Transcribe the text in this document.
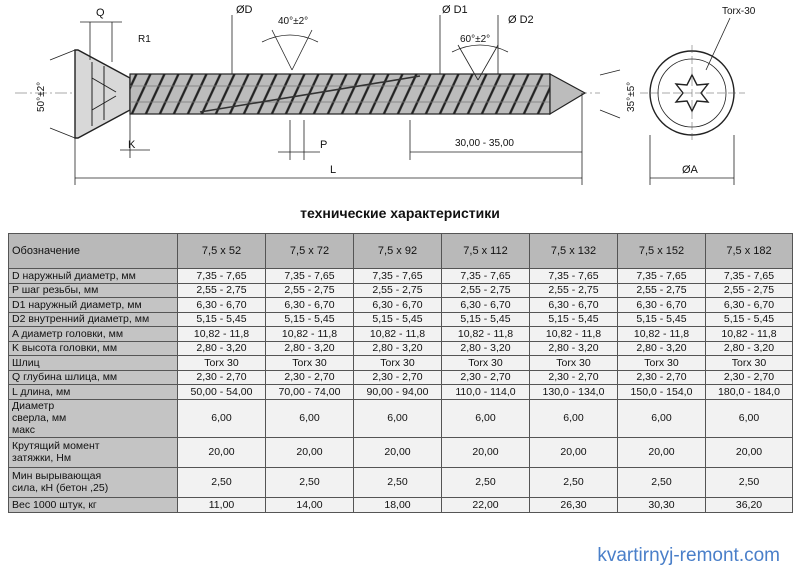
Q	ØD
40°±2°
Ø D1
Ø D2
60°±2°
Torx-30
R1
50°±2°	35°±5°
K	P	30,00 - 35,00
L	ØA
технические характеристики
Обозначение	7,5 x 52	7,5 x 72	7,5 x 92	7,5 x 112	7,5 x 132	7,5 x 152	7,5 x 182
D наружный диаметр, мм	7,35 - 7,65	7,35 - 7,65	7,35 - 7,65	7,35 - 7,65	7,35 - 7,65	7,35 - 7,65	7,35 - 7,65
P шаг резьбы, мм	2,55 - 2,75	2,55 - 2,75	2,55 - 2,75	2,55 - 2,75	2,55 - 2,75	2,55 - 2,75	2,55 - 2,75
D1 наружный диаметр, мм	6,30 - 6,70	6,30 - 6,70	6,30 - 6,70	6,30 - 6,70	6,30 - 6,70	6,30 - 6,70	6,30 - 6,70
D2 внутренний диаметр, мм	5,15 - 5,45	5,15 - 5,45	5,15 - 5,45	5,15 - 5,45	5,15 - 5,45	5,15 - 5,45	5,15 - 5,45
A диаметр головки, мм	10,82 - 11,8	10,82 - 11,8	10,82 - 11,8	10,82 - 11,8	10,82 - 11,8	10,82 - 11,8	10,82 - 11,8
K высота головки, мм	2,80 - 3,20	2,80 - 3,20	2,80 - 3,20	2,80 - 3,20	2,80 - 3,20	2,80 - 3,20	2,80 - 3,20
Шлиц	Torx 30	Torx 30	Torx 30	Torx 30	Torx 30	Torx 30	Torx 30
Q глубина шлица, мм	2,30 - 2,70	2,30 - 2,70	2,30 - 2,70	2,30 - 2,70	2,30 - 2,70	2,30 - 2,70	2,30 - 2,70
L длина, мм	50,00 - 54,00	70,00 - 74,00	90,00 - 94,00	110,0 - 114,0	130,0 - 134,0	150,0 - 154,0	180,0 - 184,0

Диаметр
сверла, мм
макс	6,00	6,00	6,00	6,00	6,00	6,00	6,00

Крутящий момент
затяжки, Нм	20,00	20,00	20,00	20,00	20,00	20,00	20,00

Мин вырывающая
сила, кН (бетон ,25)	2,50	2,50	2,50	2,50	2,50	2,50	2,50
Вес 1000 штук, кг	11,00	14,00	18,00	22,00	26,30	30,30	36,20
kvartirnyj-remont.com
